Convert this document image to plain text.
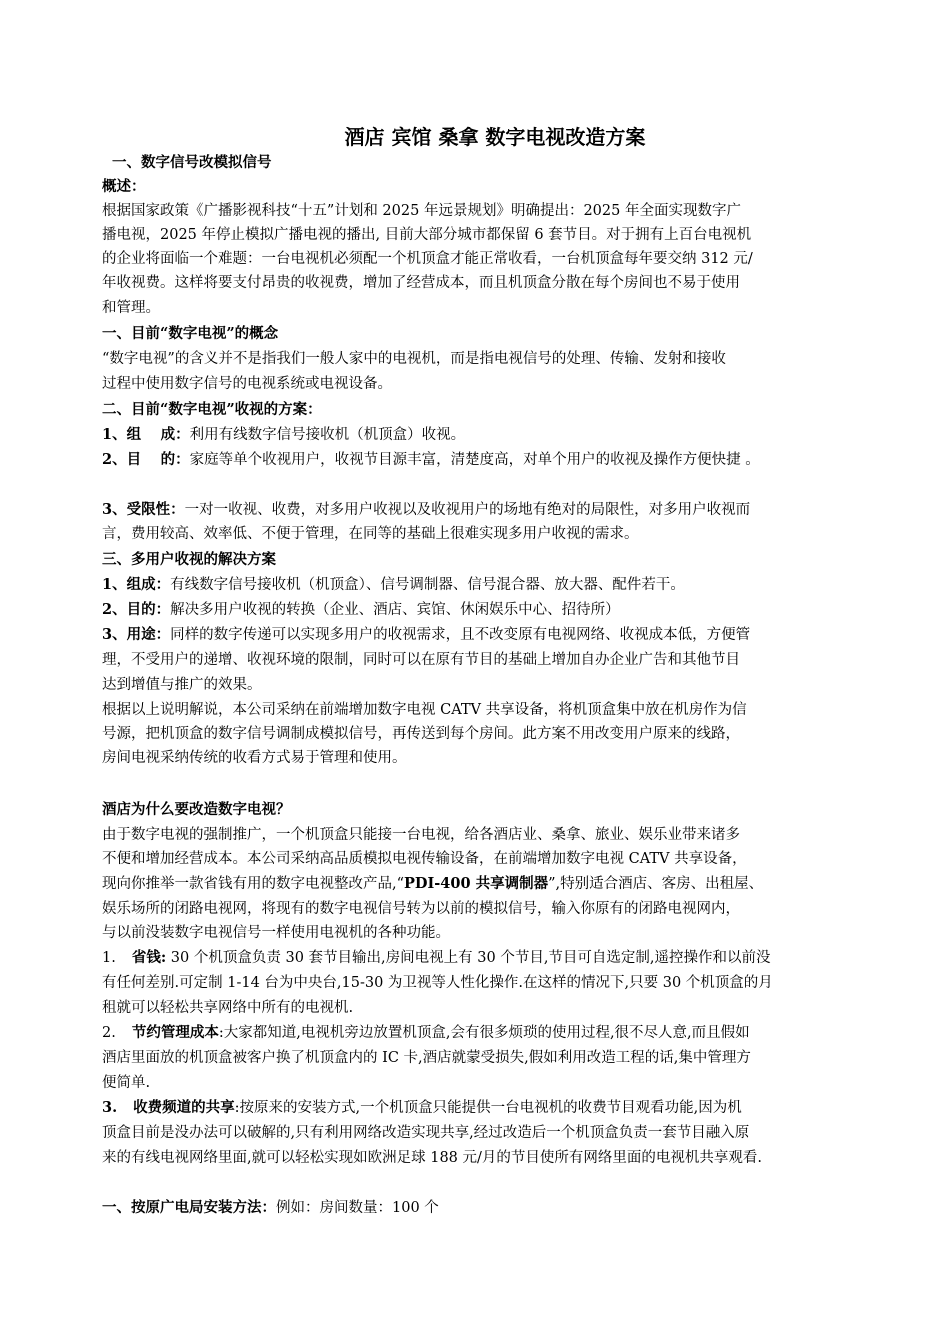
酒店 宾馆 桑拿 数字电视改造方案
一、数字信号改模拟信号
概述：
根据国家政策《广播影视科技“十五”计划和 2025 年远景规划》明确提出：2025 年全面实现数字广
播电视，2025 年停止模拟广播电视的播出, 目前大部分城市都保留 6 套节目。对于拥有上百台电视机
的企业将面临一个难题：一台电视机必须配一个机顶盒才能正常收看，一台机顶盒每年要交纳 312 元/
年收视费。这样将要支付昂贵的收视费，增加了经营成本，而且机顶盒分散在每个房间也不易于使用
和管理。
一、目前“数字电视”的概念
“数字电视”的含义并不是指我们一般人家中的电视机，而是指电视信号的处理、传输、发射和接收
过程中使用数字信号的电视系统或电视设备。
二、目前“数字电视”收视的方案：
1、组　 成：利用有线数字信号接收机（机顶盒）收视。
2、目　 的：家庭等单个收视用户，收视节目源丰富，清楚度高，对单个用户的收视及操作方便快捷 。
3、受限性：一对一收视、收费，对多用户收视以及收视用户的场地有绝对的局限性，对多用户收视而
言，费用较高、效率低、不便于管理，在同等的基础上很难实现多用户收视的需求。
三、多用户收视的解决方案
1、组成：有线数字信号接收机（机顶盒）、信号调制器、信号混合器、放大器、配件若干。
2、目的：解决多用户收视的转换（企业、酒店、宾馆、休闲娱乐中心、招待所）
3、用途：同样的数字传递可以实现多用户的收视需求，且不改变原有电视网络、收视成本低，方便管
理，不受用户的递增、收视环境的限制，同时可以在原有节目的基础上增加自办企业广告和其他节目
达到增值与推广的效果。
根据以上说明解说，本公司采纳在前端增加数字电视 CATV 共享设备，将机顶盒集中放在机房作为信
号源，把机顶盒的数字信号调制成模拟信号，再传送到每个房间。此方案不用改变用户原来的线路，
房间电视采纳传统的收看方式易于管理和使用。
酒店为什么要改造数字电视？
由于数字电视的强制推广，一个机顶盒只能接一台电视，给各酒店业、桑拿、旅业、娱乐业带来诸多
不便和增加经营成本。本公司采纳高品质模拟电视传输设备，在前端增加数字电视 CATV 共享设备，
现向你推举一款省钱有用的数字电视整改产品,“PDI-400 共享调制器”,特别适合酒店、客房、出租屋、
娱乐场所的闭路电视网，将现有的数字电视信号转为以前的模拟信号，输入你原有的闭路电视网内，
与以前没装数字电视信号一样使用电视机的各种功能。
1. 省钱: 30 个机顶盒负责 30 套节目输出,房间电视上有 30 个节目,节目可自选定制,遥控操作和以前没
有任何差别.可定制 1-14 台为中央台,15-30 为卫视等人性化操作.在这样的情况下,只要 30 个机顶盒的月
租就可以轻松共享网络中所有的电视机.
2. 节约管理成本:大家都知道,电视机旁边放置机顶盒,会有很多烦琐的使用过程,很不尽人意,而且假如
酒店里面放的机顶盒被客户换了机顶盒内的 IC 卡,酒店就蒙受损失,假如利用改造工程的话,集中管理方
便简单.
3. 收费频道的共享:按原来的安装方式,一个机顶盒只能提供一台电视机的收费节目观看功能,因为机
顶盒目前是没办法可以破解的,只有利用网络改造实现共享,经过改造后一个机顶盒负责一套节目融入原
来的有线电视网络里面,就可以轻松实现如欧洲足球 188 元/月的节目使所有网络里面的电视机共享观看.
一、按原广电局安装方法：例如：房间数量：100 个
